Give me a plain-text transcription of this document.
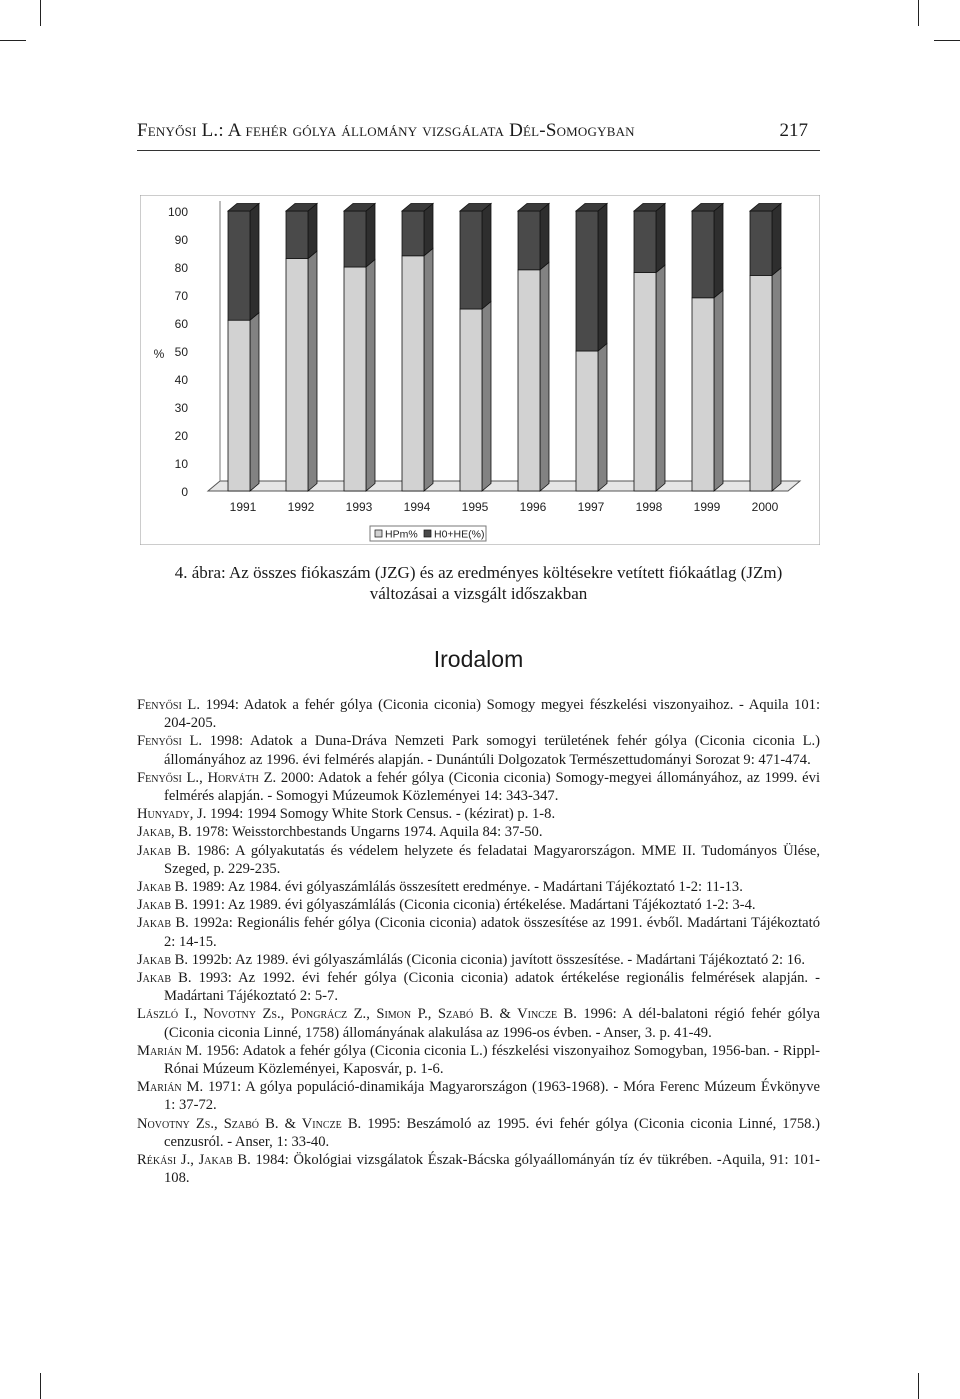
Fenyősi L.: A fehér gólya állomány vizsgálata Dél-Somogyban	217
100
90
80
70
60
50
40
30
20
10
0
%
1991	1992	1993	1994	1995	1996	1997	1998	1999	2000
HPm% H0+HE(%)
4. ábra: Az összes fiókaszám (JZG) és az eredményes költésekre vetített fiókaátlag (JZm)
változásai a vizsgált időszakban
Irodalom
Fenyősi L. 1994: Adatok a fehér gólya (Ciconia ciconia) Somogy megyei fészkelési viszonyaihoz. - Aquila 101: 204-205.
Fenyősi L. 1998: Adatok a Duna-Dráva Nemzeti Park somogyi területének fehér gólya (Ciconia ciconia L.) állományához az 1996. évi felmérés alapján. - Dunántúli Dolgozatok Természettudományi Sorozat 9: 471-474.
Fenyősi L., Horváth Z. 2000: Adatok a fehér gólya (Ciconia ciconia) Somogy-megyei állományához, az 1999. évi felmérés alapján. - Somogyi Múzeumok Közleményei 14: 343-347.
Hunyady, J. 1994: 1994 Somogy White Stork Census. - (kézirat) p. 1-8.
Jakab, B. 1978: Weisstorchbestands Ungarns 1974. Aquila 84: 37-50.
Jakab B. 1986: A gólyakutatás és védelem helyzete és feladatai Magyarországon. MME II. Tudományos Ülése, Szeged, p. 229-235.
Jakab B. 1989: Az 1984. évi gólyaszámlálás összesített eredménye. - Madártani Tájékoztató 1-2: 11-13.
Jakab B. 1991: Az 1989. évi gólyaszámlálás (Ciconia ciconia) értékelése. Madártani Tájékoztató 1-2: 3-4.
Jakab B. 1992a: Regionális fehér gólya (Ciconia ciconia) adatok összesítése az 1991. évből. Madártani Tájékoztató 2: 14-15.
Jakab B. 1992b: Az 1989. évi gólyaszámlálás (Ciconia ciconia) javított összesítése. - Madártani Tájékoztató 2: 16.
Jakab B. 1993: Az 1992. évi fehér gólya (Ciconia ciconia) adatok értékelése regionális felmérések alapján. - Madártani Tájékoztató 2: 5-7.
László I., Novotny Zs., Pongrácz Z., Simon P., Szabó B. & Vincze B. 1996: A dél-balatoni régió fehér gólya (Ciconia ciconia Linné, 1758) állományának alakulása az 1996-os évben. - Anser, 3. p. 41-49.
Marián M. 1956: Adatok a fehér gólya (Ciconia ciconia L.) fészkelési viszonyaihoz Somogyban, 1956-ban. - Rippl-Rónai Múzeum Közleményei, Kaposvár, p. 1-6.
Marián M. 1971: A gólya populáció-dinamikája Magyarországon (1963-1968). - Móra Ferenc Múzeum Évkönyve 1: 37-72.
Novotny Zs., Szabó B. & Vincze B. 1995: Beszámoló az 1995. évi fehér gólya (Ciconia ciconia Linné, 1758.) cenzusról. - Anser, 1: 33-40.
Rékási J., Jakab B. 1984: Ökológiai vizsgálatok Észak-Bácska gólyaállományán tíz év tükrében. -Aquila, 91: 101-108.
